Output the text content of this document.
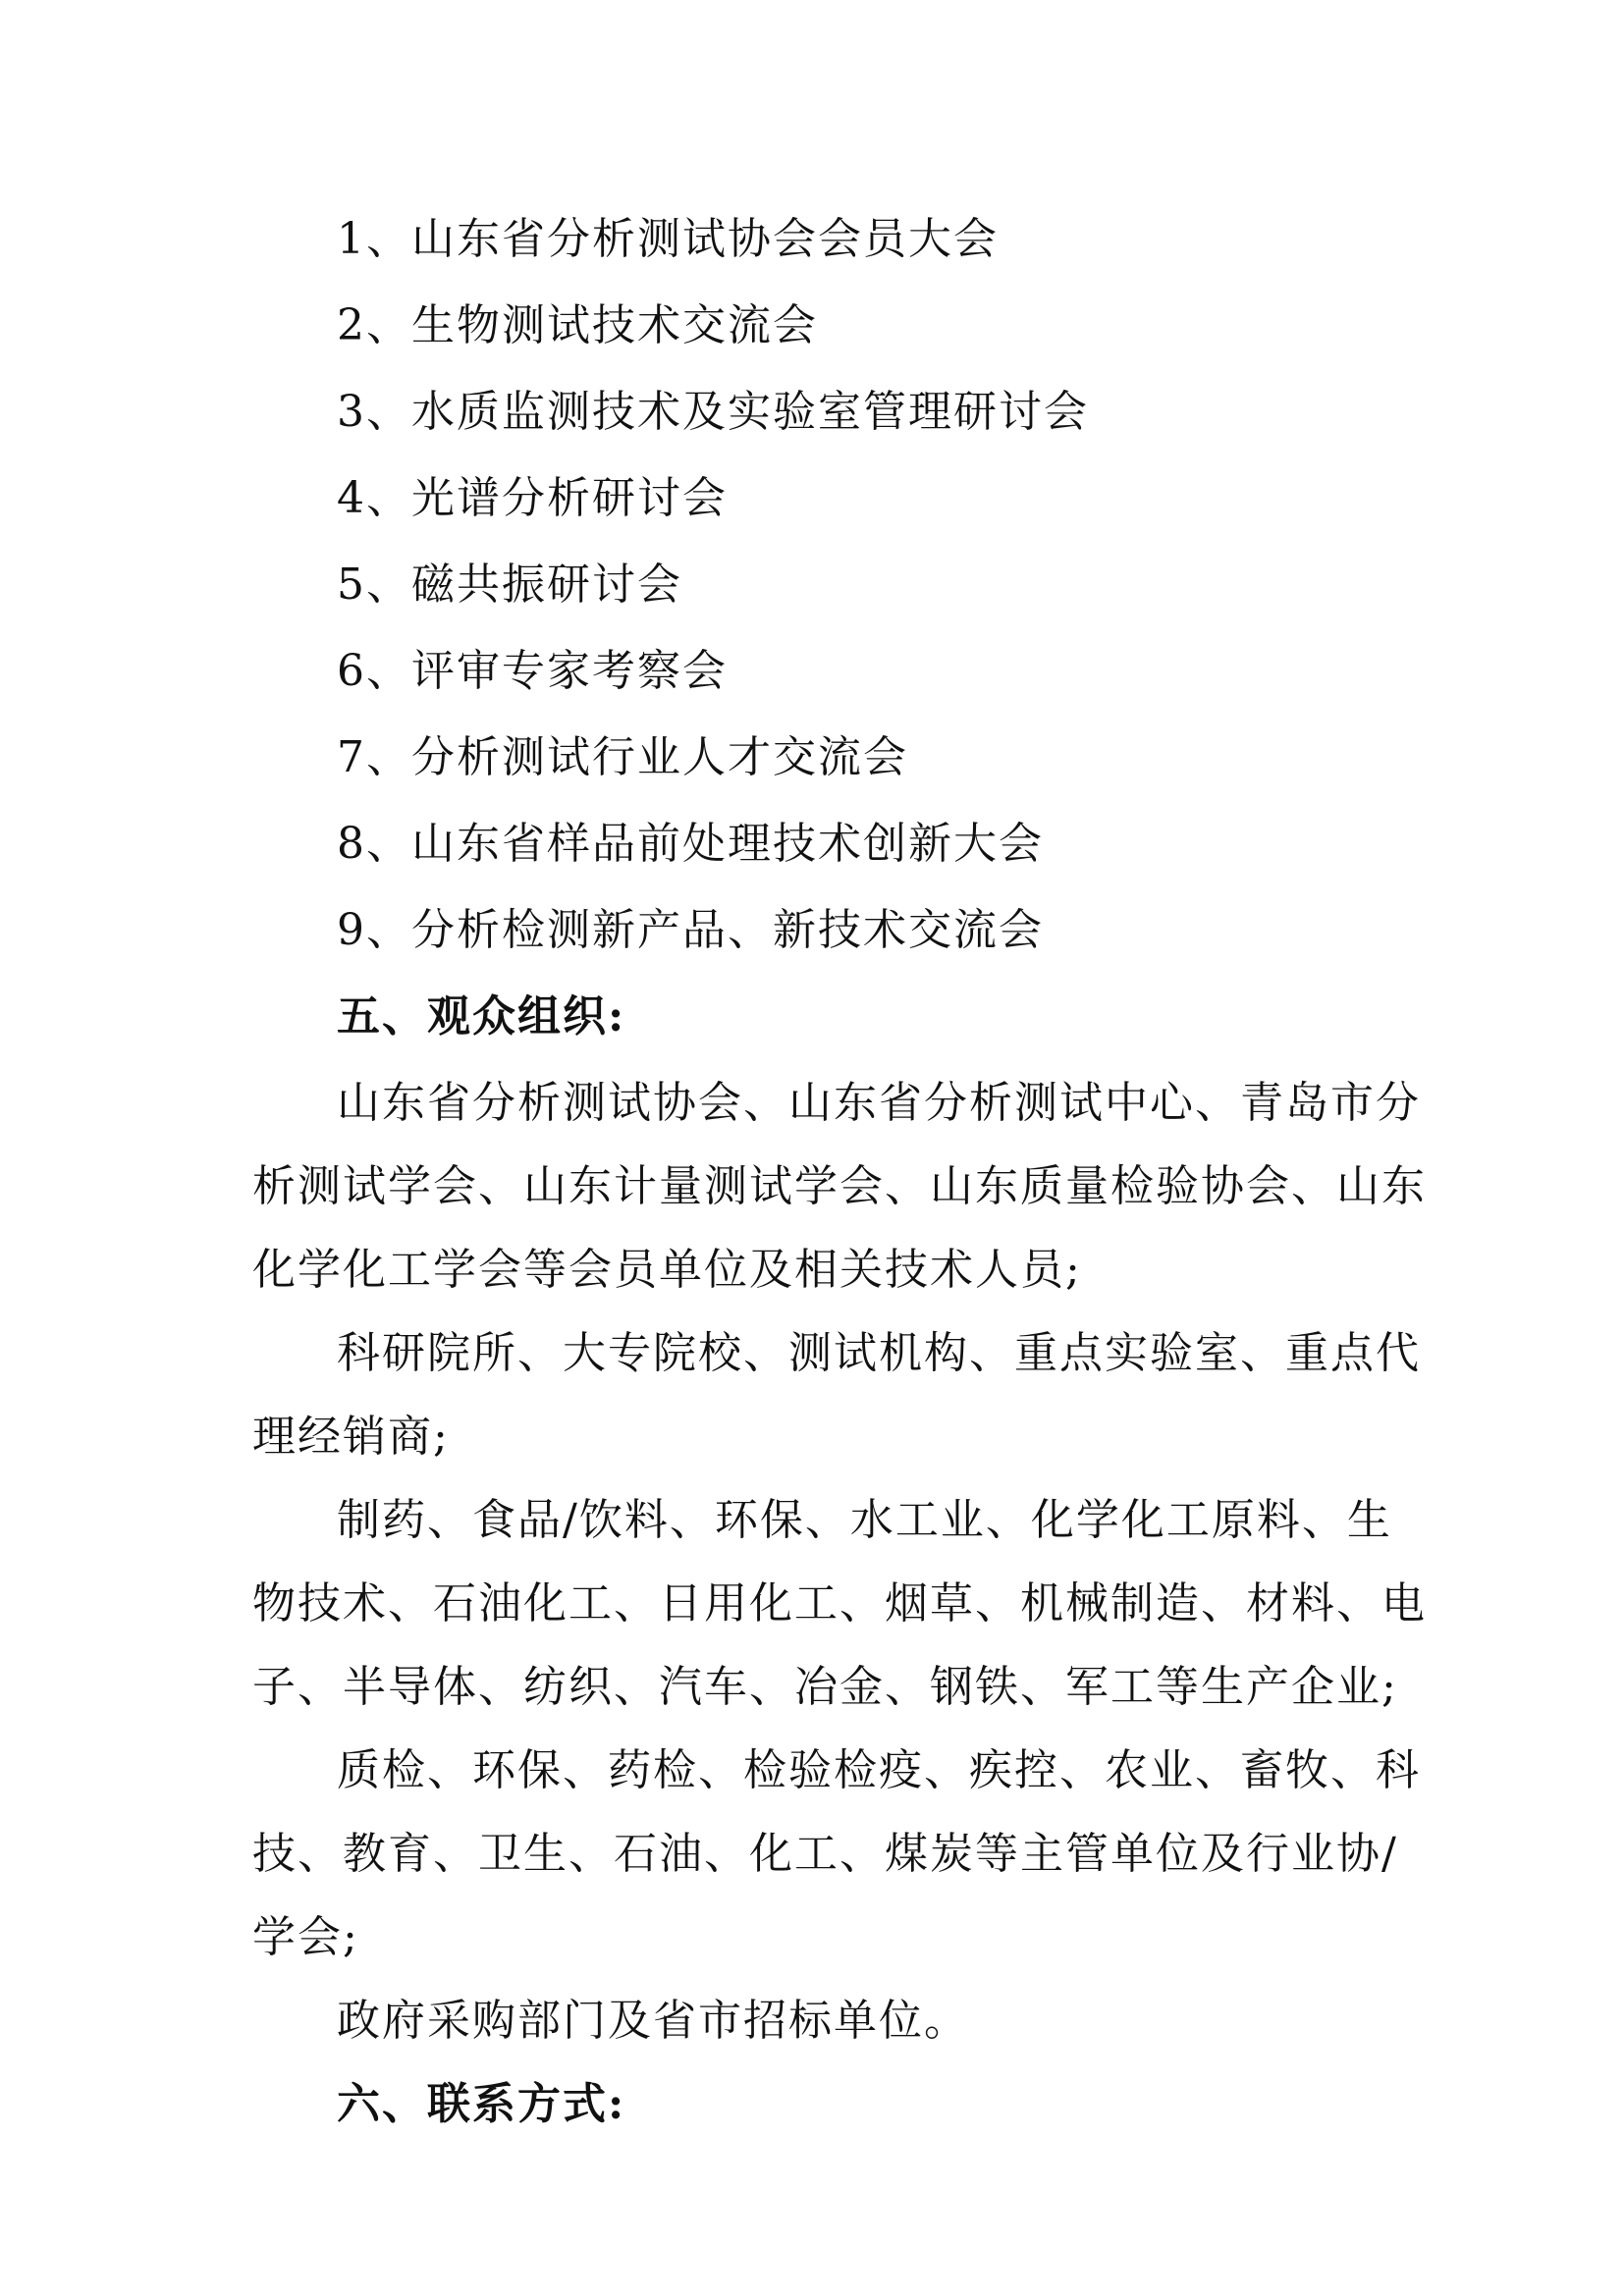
1、山东省分析测试协会会员大会
2、生物测试技术交流会
3、水质监测技术及实验室管理研讨会
4、光谱分析研讨会
5、磁共振研讨会
6、评审专家考察会
7、分析测试行业人才交流会
8、山东省样品前处理技术创新大会
9、分析检测新产品、新技术交流会
五、观众组织:
山东省分析测试协会、山东省分析测试中心、青岛市分
析测试学会、山东计量测试学会、山东质量检验协会、山东
化学化工学会等会员单位及相关技术人员;
科研院所、大专院校、测试机构、重点实验室、重点代
理经销商;
制药、食品/饮料、环保、水工业、化学化工原料、生
物技术、石油化工、日用化工、烟草、机械制造、材料、电
子、半导体、纺织、汽车、冶金、钢铁、军工等生产企业;
质检、环保、药检、检验检疫、疾控、农业、畜牧、科
技、教育、卫生、石油、化工、煤炭等主管单位及行业协/
学会;
政府采购部门及省市招标单位。
六、联系方式:
